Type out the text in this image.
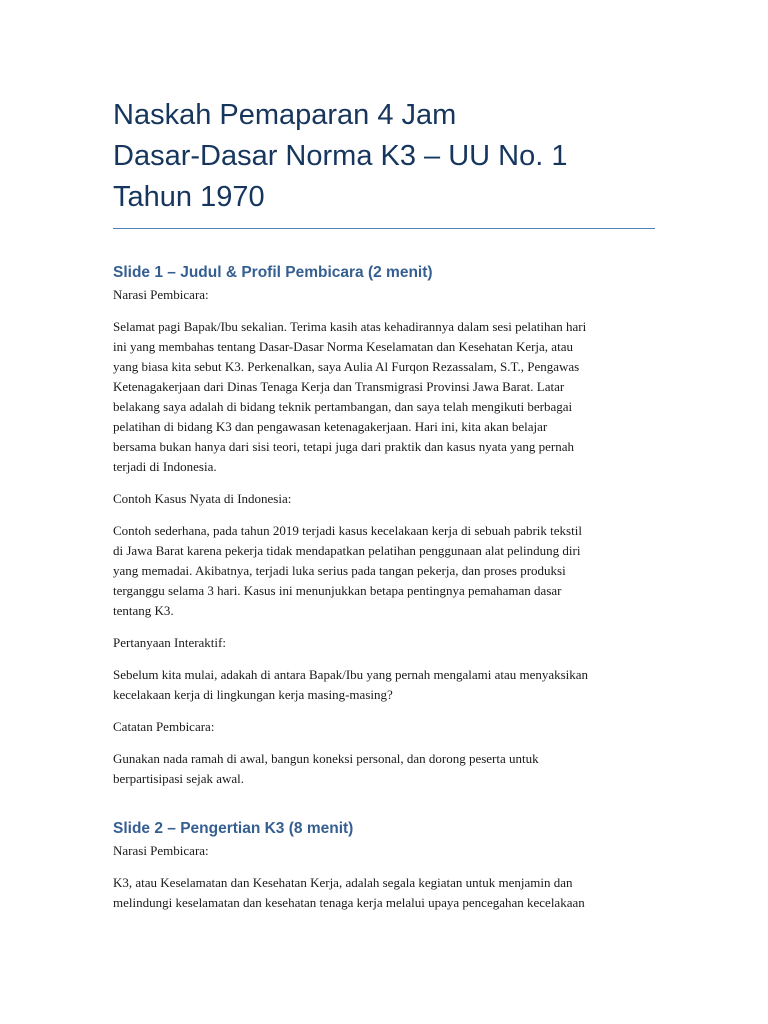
Naskah Pemaparan 4 Jam
Dasar-Dasar Norma K3 – UU No. 1
Tahun 1970
Slide 1 – Judul & Profil Pembicara (2 menit)

Narasi Pembicara:

Selamat pagi Bapak/Ibu sekalian. Terima kasih atas kehadirannya dalam sesi pelatihan hari
ini yang membahas tentang Dasar-Dasar Norma Keselamatan dan Kesehatan Kerja, atau
yang biasa kita sebut K3. Perkenalkan, saya Aulia Al Furqon Rezassalam, S.T., Pengawas
Ketenagakerjaan dari Dinas Tenaga Kerja dan Transmigrasi Provinsi Jawa Barat. Latar
belakang saya adalah di bidang teknik pertambangan, dan saya telah mengikuti berbagai
pelatihan di bidang K3 dan pengawasan ketenagakerjaan. Hari ini, kita akan belajar
bersama bukan hanya dari sisi teori, tetapi juga dari praktik dan kasus nyata yang pernah
terjadi di Indonesia.

Contoh Kasus Nyata di Indonesia:

Contoh sederhana, pada tahun 2019 terjadi kasus kecelakaan kerja di sebuah pabrik tekstil
di Jawa Barat karena pekerja tidak mendapatkan pelatihan penggunaan alat pelindung diri
yang memadai. Akibatnya, terjadi luka serius pada tangan pekerja, dan proses produksi
terganggu selama 3 hari. Kasus ini menunjukkan betapa pentingnya pemahaman dasar
tentang K3.

Pertanyaan Interaktif:

Sebelum kita mulai, adakah di antara Bapak/Ibu yang pernah mengalami atau menyaksikan
kecelakaan kerja di lingkungan kerja masing-masing?

Catatan Pembicara:

Gunakan nada ramah di awal, bangun koneksi personal, dan dorong peserta untuk
berpartisipasi sejak awal.

Slide 2 – Pengertian K3 (8 menit)

Narasi Pembicara:

K3, atau Keselamatan dan Kesehatan Kerja, adalah segala kegiatan untuk menjamin dan
melindungi keselamatan dan kesehatan tenaga kerja melalui upaya pencegahan kecelakaan
